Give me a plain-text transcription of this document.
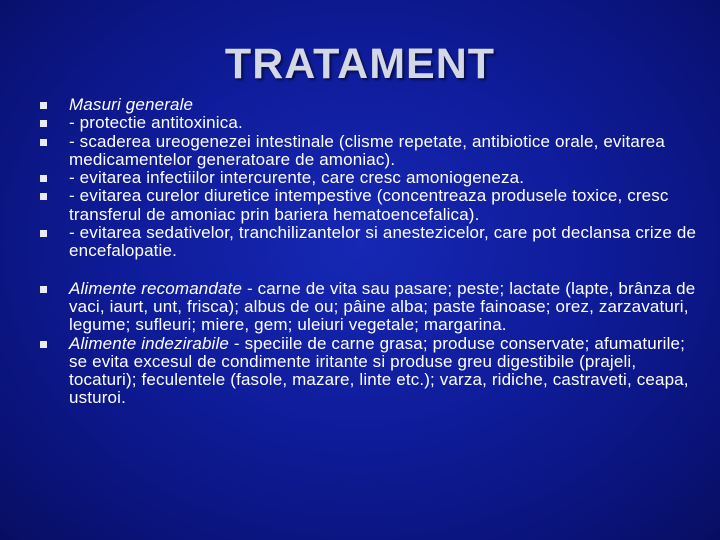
TRATAMENT
Masuri generale
- protectie antitoxinica.
- scaderea ureogenezei intestinale (clisme repetate, antibiotice orale, evitarea medicamentelor generatoare de amoniac).
- evitarea infectiilor intercurente, care cresc amoniogeneza.
- evitarea curelor diuretice intempestive (concentreaza produsele toxice, cresc transferul de amoniac prin bariera hematoencefalica).
- evitarea sedativelor, tranchilizantelor si anestezicelor, care pot declansa crize de encefalopatie.
Alimente recomandate - carne de vita sau pasare; peste; lactate (lapte, brânza de vaci, iaurt, unt, frisca); albus de ou; pâine alba; paste fainoase; orez, zarzavaturi, legume; sufleuri; miere, gem; uleiuri vegetale; margarina.
Alimente indezirabile - speciile de carne grasa; produse conservate; afumaturile; se evita excesul de condimente iritante si produse greu digestibile (prajeli, tocaturi); feculentele (fasole, mazare, linte etc.); varza, ridiche, castraveti, ceapa, usturoi.
